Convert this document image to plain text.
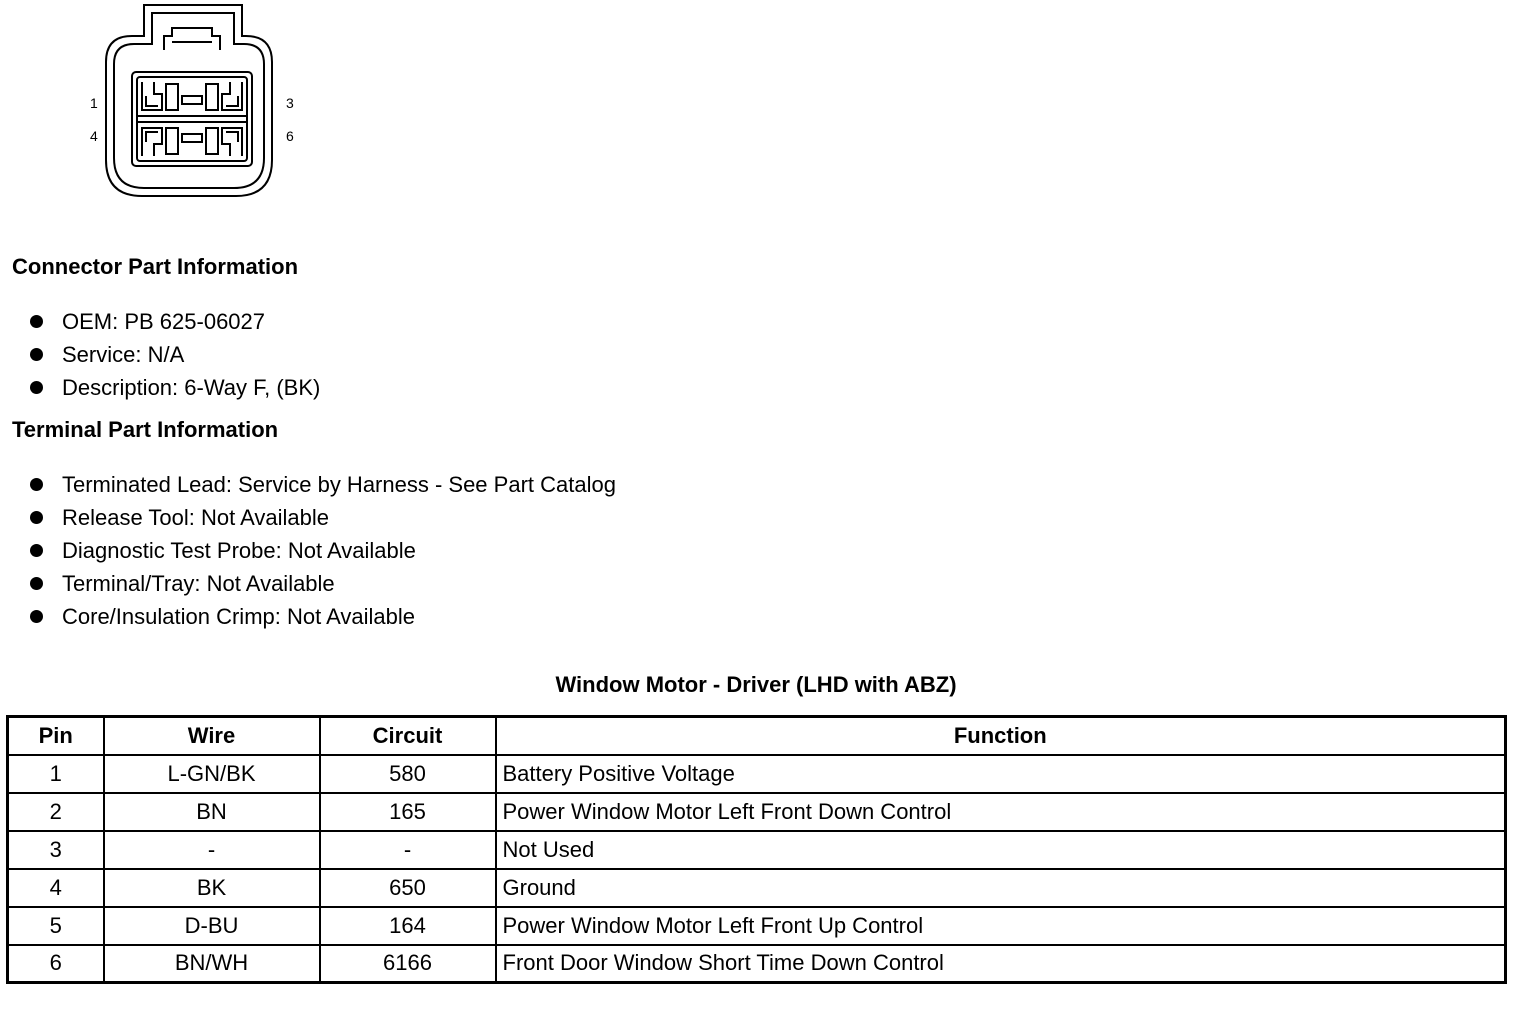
1
4
3
6
Connector Part Information
OEM: PB 625-06027
Service: N/A
Description: 6-Way F, (BK)
Terminal Part Information
Terminated Lead: Service by Harness - See Part Catalog
Release Tool: Not Available
Diagnostic Test Probe: Not Available
Terminal/Tray: Not Available
Core/Insulation Crimp: Not Available
Window Motor - Driver (LHD with ABZ)
Pin	Wire	Circuit	Function
1	L-GN/BK	580	Battery Positive Voltage
2	BN	165	Power Window Motor Left Front Down Control
3	-	-	Not Used
4	BK	650	Ground
5	D-BU	164	Power Window Motor Left Front Up Control
6	BN/WH	6166	Front Door Window Short Time Down Control
